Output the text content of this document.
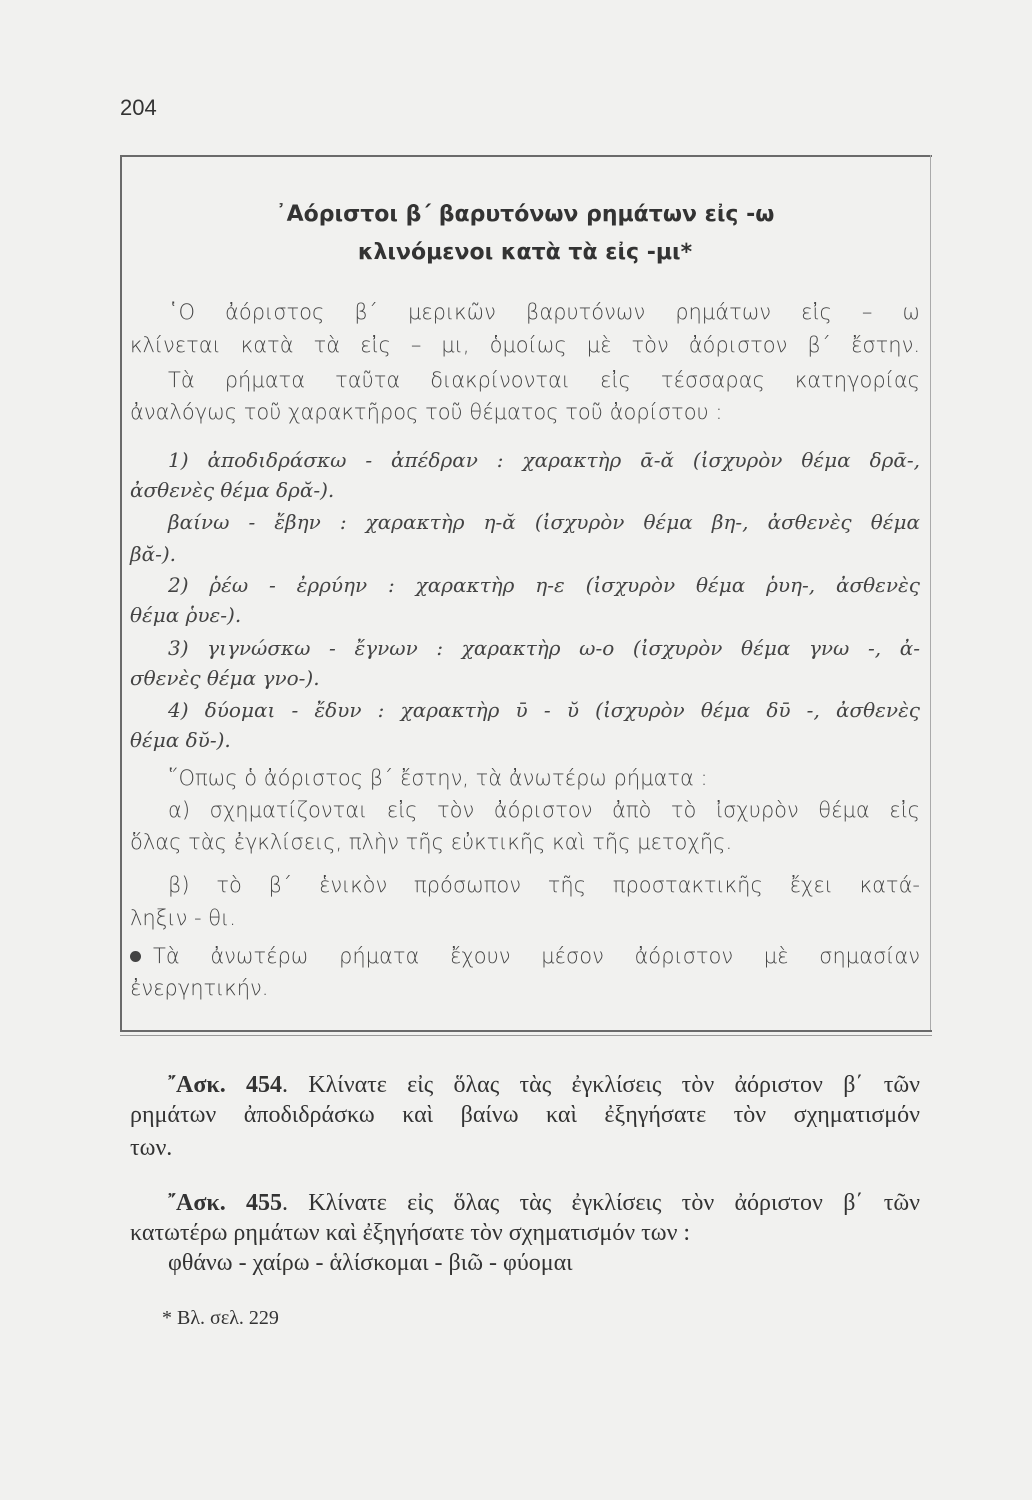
204
᾽Αόριστοι β΄ βαρυτόνων ρημάτων εἰς -ω
κλινόμενοι κατὰ τὰ εἰς -μι*
῾Ο ἀόριστος β΄ μερικῶν βαρυτόνων ρημάτων εἰς – ω
κλίνεται κατὰ τὰ εἰς – μι, ὁμοίως μὲ τὸν ἀόριστον β΄ ἔστην.
Τὰ ρήματα ταῦτα διακρίνονται εἰς τέσσαρας κατηγορίας
ἀναλόγως τοῦ χαρακτῆρος τοῦ θέματος τοῦ ἀορίστου :
1) ἀποδιδράσκω - ἀπέδραν : χαρακτὴρ ᾱ-ᾰ (ἰσχυρὸν θέμα δρᾱ-,
ἀσθενὲς θέμα δρᾰ-).
βαίνω - ἔβην : χαρακτὴρ η-ᾰ (ἰσχυρὸν θέμα βη-, ἀσθενὲς θέμα
βᾰ-).
2) ῥέω - ἐρρύην : χαρακτὴρ η-ε (ἰσχυρὸν θέμα ῥυη-, ἀσθενὲς
θέμα ῥυε-).
3) γιγνώσκω - ἔγνων : χαρακτὴρ ω-ο (ἰσχυρὸν θέμα γνω -, ἀ-
σθενὲς θέμα γνο-).
4) δύομαι - ἔδυν : χαρακτὴρ ῡ - ῠ (ἰσχυρὸν θέμα δῡ -, ἀσθενὲς
θέμα δῠ-).
῞Οπως ὁ ἀόριστος β΄ ἔστην, τὰ ἀνωτέρω ρήματα :
α) σχηματίζονται εἰς τὸν ἀόριστον ἀπὸ τὸ ἰσχυρὸν θέμα εἰς
ὅλας τὰς ἐγκλίσεις, πλὴν τῆς εὐκτικῆς καὶ τῆς μετοχῆς.
β) τὸ β΄ ἑνικὸν πρόσωπον τῆς προστακτικῆς ἔχει κατά-
ληξιν - θι.
Τὰ ἀνωτέρω ρήματα ἔχουν μέσον ἀόριστον μὲ σημασίαν
ἐνεργητικήν.
῎Ασκ. 454. Κλίνατε εἰς ὅλας τὰς ἐγκλίσεις τὸν ἀόριστον β΄ τῶν
ρημάτων ἀποδιδράσκω καὶ βαίνω καὶ ἐξηγήσατε τὸν σχηματισμόν
των.
῎Ασκ. 455. Κλίνατε εἰς ὅλας τὰς ἐγκλίσεις τὸν ἀόριστον β΄ τῶν
κατωτέρω ρημάτων καὶ ἐξηγήσατε τὸν σχηματισμόν των :
φθάνω - χαίρω - ἁλίσκομαι - βιῶ - φύομαι
* Βλ. σελ. 229
